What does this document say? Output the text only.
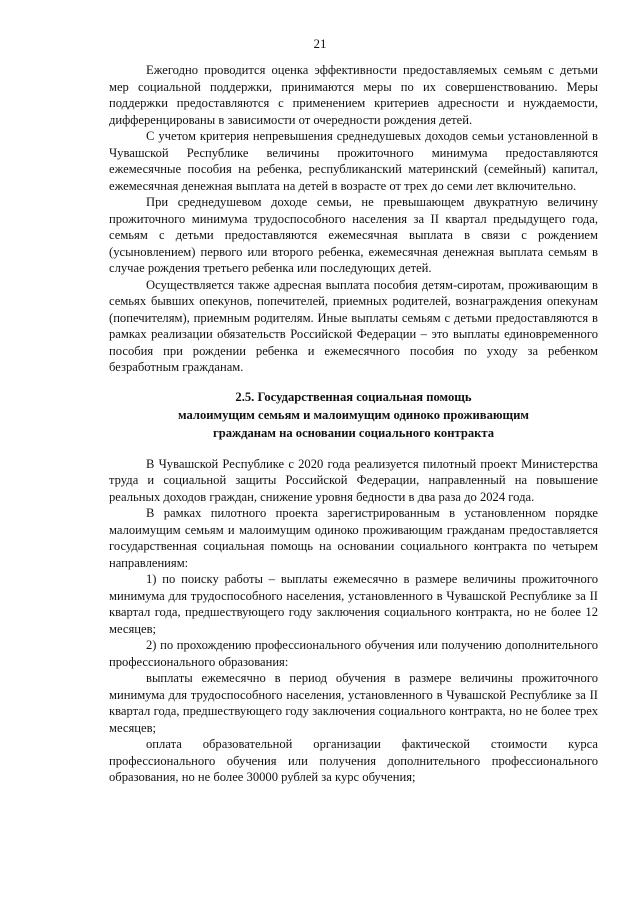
21

Ежегодно проводится оценка эффективности предоставляемых семьям с детьми мер социальной поддержки, принимаются меры по их совершенствованию. Меры поддержки предоставляются с применением критериев адресности и нуждаемости, дифференцированы в зависимости от очередности рождения детей.

С учетом критерия непревышения среднедушевых доходов семьи установленной в Чувашской Республике величины прожиточного минимума предоставляются ежемесячные пособия на ребенка, республиканский материнский (семейный) капитал, ежемесячная денежная выплата на детей в возрасте от трех до семи лет включительно.

При среднедушевом доходе семьи, не превышающем двукратную величину прожиточного минимума трудоспособного населения за II квартал предыдущего года, семьям с детьми предоставляются ежемесячная выплата в связи с рождением (усыновлением) первого или второго ребенка, ежемесячная денежная выплата семьям в случае рождения третьего ребенка или последующих детей.

Осуществляется также адресная выплата пособия детям-сиротам, проживающим в семьях бывших опекунов, попечителей, приемных родителей, вознаграждения опекунам (попечителям), приемным родителям. Иные выплаты семьям с детьми предоставляются в рамках реализации обязательств Российской Федерации – это выплаты единовременного пособия при рождении ребенка и ежемесячного пособия по уходу за ребенком безработным гражданам.

2.5. Государственная социальная помощь
малоимущим семьям и малоимущим одиноко проживающим
гражданам на основании социального контракта

В Чувашской Республике с 2020 года реализуется пилотный проект Министерства труда и социальной защиты Российской Федерации, направленный на повышение реальных доходов граждан, снижение уровня бедности в два раза до 2024 года.

В рамках пилотного проекта зарегистрированным в установленном порядке малоимущим семьям и малоимущим одиноко проживающим гражданам предоставляется государственная социальная помощь на основании социального контракта по четырем направлениям:

1) по поиску работы – выплаты ежемесячно в размере величины прожиточного минимума для трудоспособного населения, установленного в Чувашской Республике за II квартал года, предшествующего году заключения социального контракта, но не более 12 месяцев;

2) по прохождению профессионального обучения или получению дополнительного профессионального образования:

выплаты ежемесячно в период обучения в размере величины прожиточного минимума для трудоспособного населения, установленного в Чувашской Республике за II квартал года, предшествующего году заключения социального контракта, но не более трех месяцев;

оплата образовательной организации фактической стоимости курса профессионального обучения или получения дополнительного профессионального образования, но не более 30000 рублей за курс обучения;
